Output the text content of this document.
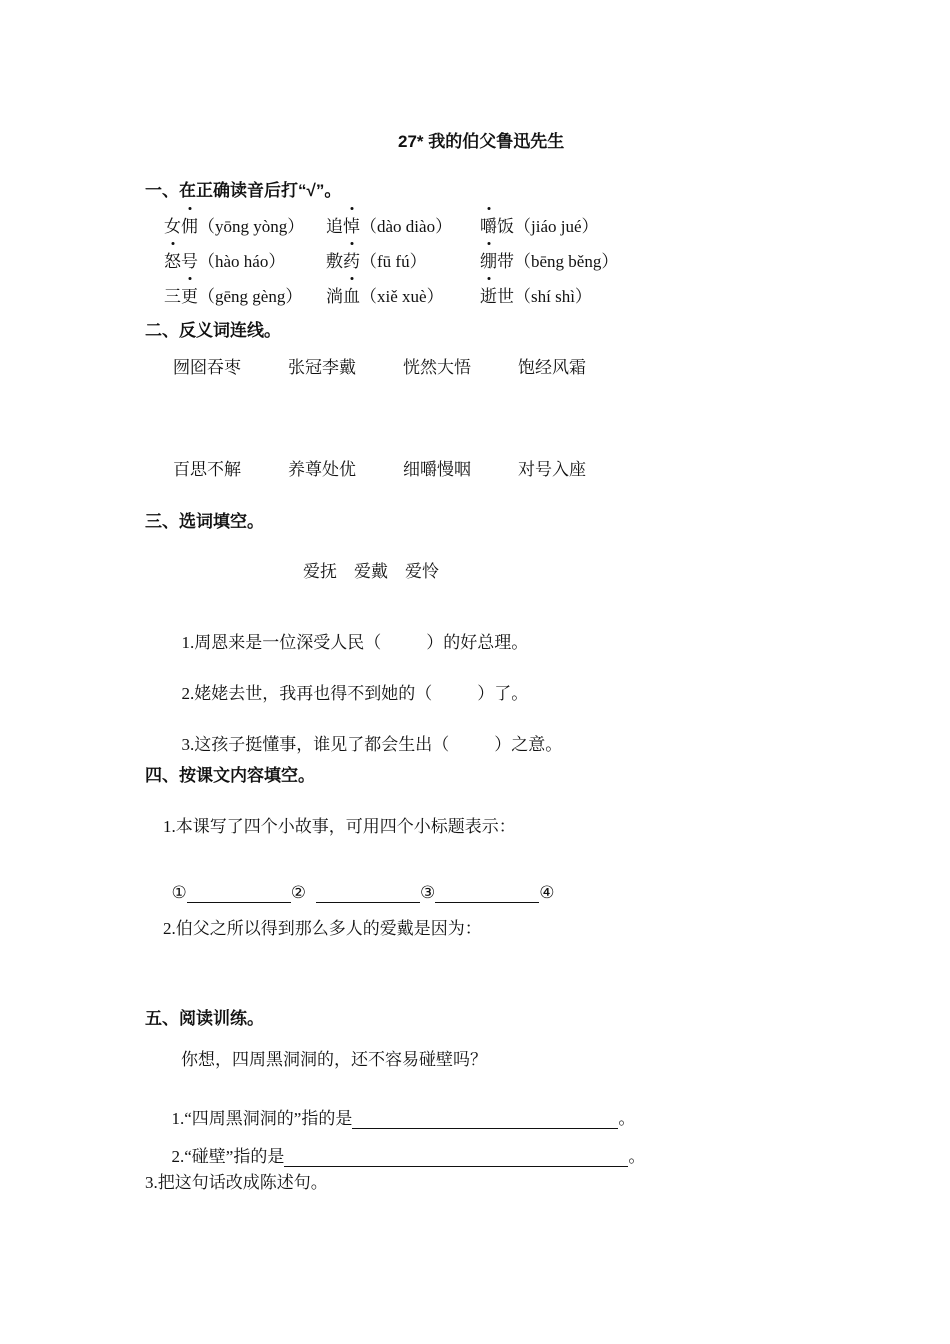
27* 我的伯父鲁迅先生
一、在正确读音后打“√”。
女佣（yōng yòng） 追悼（dào diào） 嚼饭（jiáo jué）
怒号（hào háo） 敷药（fū fú）	绷带（bēng běng）
三更（gēng gèng） 淌血（xiě xuè） 逝世（shí shì）
二、反义词连线。
囫囵吞枣	张冠李戴	恍然大悟	饱经风霜
百思不解	养尊处优	细嚼慢咽	对号入座
三、选词填空。
爱抚　爱戴　爱怜

1.周恩来是一位深受人民（	）的好总理。

2.姥姥去世，我再也得不到她的（	）了。

3.这孩子挺懂事，谁见了都会生出（	）之意。

四、按课文内容填空。
1.本课写了四个小故事，可用四个小标题表示：

①	②	③	④

2.伯父之所以得到那么多人的爱戴是因为：
五、阅读训练。
你想，四周黑洞洞的，还不容易碰壁吗？

1.“四周黑洞洞的”指的是	。

2.“碰壁”指的是	。

3.把这句话改成陈述句。
